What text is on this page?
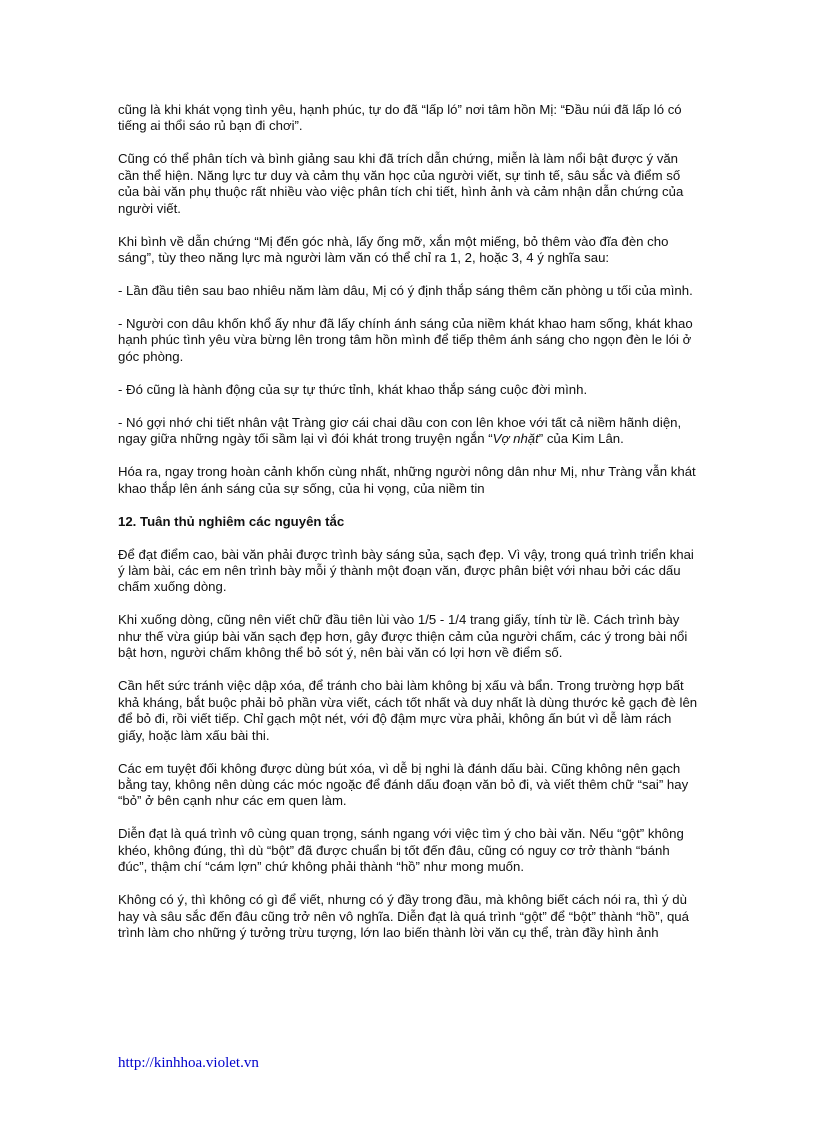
cũng là khi khát vọng tình yêu, hạnh phúc, tự do đã “lấp ló” nơi tâm hồn Mị: “Đầu núi đã lấp ló có tiếng ai thổi sáo rủ bạn đi chơi”.

Cũng có thể phân tích và bình giảng sau khi đã trích dẫn chứng, miễn là làm nổi bật được ý văn cần thể hiện. Năng lực tư duy và cảm thụ văn học của người viết, sự tinh tế, sâu sắc và điểm số của bài văn phụ thuộc rất nhiều vào việc phân tích chi tiết, hình ảnh và cảm nhận dẫn chứng của người viết.

Khi bình về dẫn chứng “Mị đến góc nhà, lấy ống mỡ, xắn một miếng, bỏ thêm vào đĩa đèn cho sáng”, tùy theo năng lực mà người làm văn có thể chỉ ra 1, 2, hoặc 3, 4 ý nghĩa sau:

- Lần đầu tiên sau bao nhiêu năm làm dâu, Mị có ý định thắp sáng thêm căn phòng u tối của mình.

- Người con dâu khốn khổ ấy như đã lấy chính ánh sáng của niềm khát khao ham sống, khát khao hạnh phúc tình yêu vừa bừng lên trong tâm hồn mình để tiếp thêm ánh sáng cho ngọn đèn le lói ở góc phòng.

- Đó cũng là hành động của sự tự thức tỉnh, khát khao thắp sáng cuộc đời mình.

- Nó gợi nhớ chi tiết nhân vật Tràng giơ cái chai dầu con con lên khoe với tất cả niềm hãnh diện, ngay giữa những ngày tối sầm lại vì đói khát trong truyện ngắn “Vợ nhặt” của Kim Lân.

Hóa ra, ngay trong hoàn cảnh khốn cùng nhất, những người nông dân như Mị, như Tràng vẫn khát khao thắp lên ánh sáng của sự sống, của hi vọng, của niềm tin

12. Tuân thủ nghiêm các nguyên tắc

Để đạt điểm cao, bài văn phải được trình bày sáng sủa, sạch đẹp. Vì vậy, trong quá trình triển khai ý làm bài, các em nên trình bày mỗi ý thành một đoạn văn, được phân biệt với nhau bởi các dấu chấm xuống dòng.

Khi xuống dòng, cũng nên viết chữ đầu tiên lùi vào 1/5 - 1/4 trang giấy, tính từ lề. Cách trình bày như thế vừa giúp bài văn sạch đẹp hơn, gây được thiện cảm của người chấm, các ý trong bài nổi bật hơn, người chấm không thể bỏ sót ý, nên bài văn có lợi hơn về điểm số.

Cần hết sức tránh việc dập xóa, để tránh cho bài làm không bị xấu và bẩn. Trong trường hợp bất khả kháng, bắt buộc phải bỏ phần vừa viết, cách tốt nhất và duy nhất là dùng thước kẻ gạch đè lên để bỏ đi, rồi viết tiếp. Chỉ gạch một nét, với độ đậm mực vừa phải, không ấn bút vì dễ làm rách giấy, hoặc làm xấu bài thi.

Các em tuyệt đối không được dùng bút xóa, vì dễ bị nghi là đánh dấu bài. Cũng không nên gạch bằng tay, không nên dùng các móc ngoặc để đánh dấu đoạn văn bỏ đi, và viết thêm chữ “sai” hay “bỏ” ở bên cạnh như các em quen làm.

Diễn đạt là quá trình vô cùng quan trọng, sánh ngang với việc tìm ý cho bài văn. Nếu “gột” không khéo, không đúng, thì dù “bột” đã được chuẩn bị tốt đến đâu, cũng có nguy cơ trở thành “bánh đúc”, thậm chí “cám lợn” chứ không phải thành “hồ” như mong muốn.

Không có ý, thì không có gì để viết, nhưng có ý đầy trong đầu, mà không biết cách nói ra, thì ý dù hay và sâu sắc đến đâu cũng trở nên vô nghĩa. Diễn đạt là quá trình “gột” để “bột” thành “hồ”, quá trình làm cho những ý tưởng trừu tượng, lớn lao biến thành lời văn cụ thể, tràn đầy hình ảnh

http://kinhhoa.violet.vn
